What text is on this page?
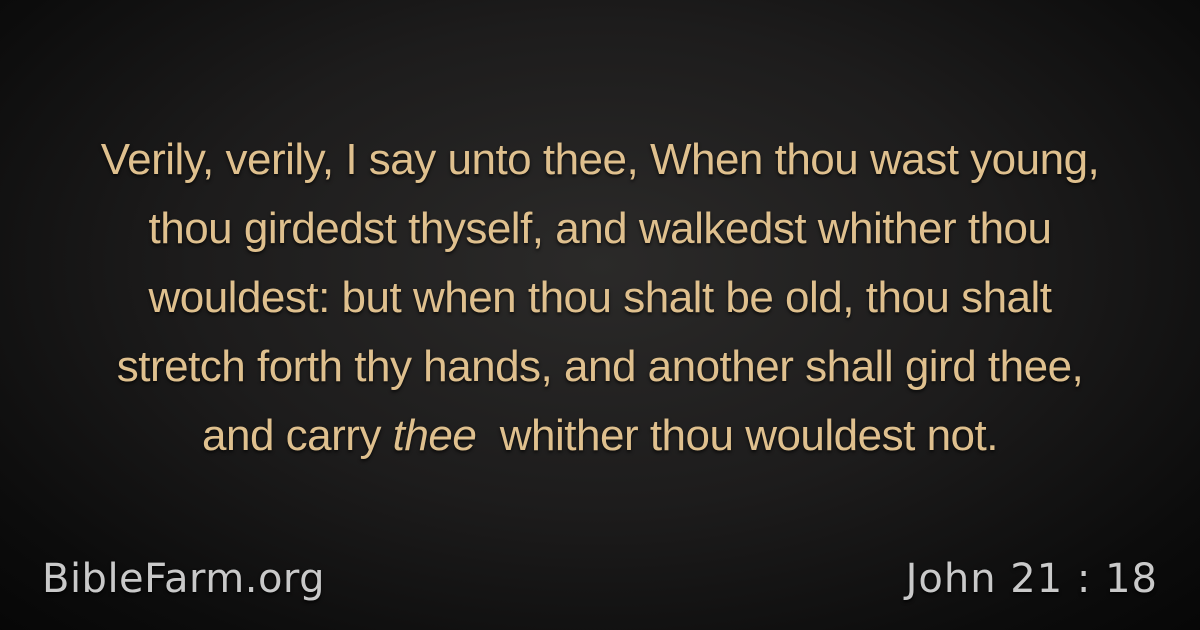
Verily, verily, I say unto thee, When thou wast young,
thou girdedst thyself, and walkedst whither thou
wouldest: but when thou shalt be old, thou shalt
stretch forth thy hands, and another shall gird thee,
and carry thee  whither thou wouldest not.
BibleFarm.org	John 21 : 18
